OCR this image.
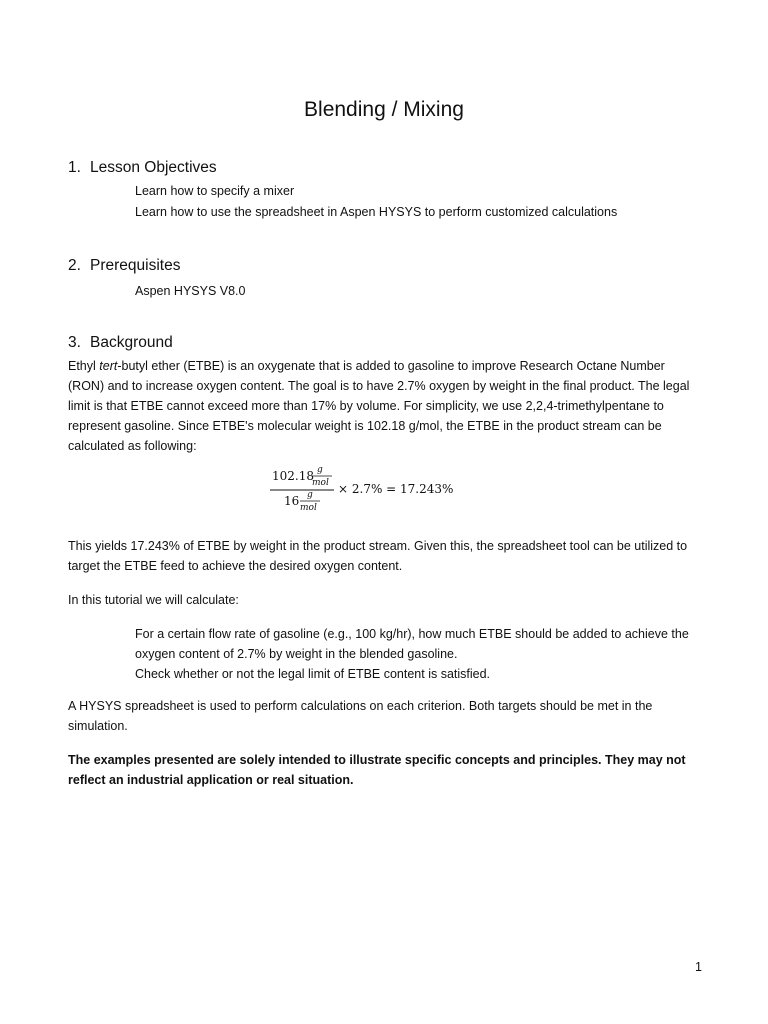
Blending / Mixing
1. Lesson Objectives
Learn how to specify a mixer
Learn how to use the spreadsheet in Aspen HYSYS to perform customized calculations
2. Prerequisites
Aspen HYSYS V8.0
3. Background
Ethyl tert-butyl ether (ETBE) is an oxygenate that is added to gasoline to improve Research Octane Number
(RON) and to increase oxygen content. The goal is to have 2.7% oxygen by weight in the final product. The legal
limit is that ETBE cannot exceed more than 17% by volume. For simplicity, we use 2,2,4-trimethylpentane to
represent gasoline. Since ETBE's molecular weight is 102.18 g/mol, the ETBE in the product stream can be
calculated as following:
102.18 g
mol
16 g
mol
× 2.7% = 17.243%
This yields 17.243% of ETBE by weight in the product stream. Given this, the spreadsheet tool can be utilized to
target the ETBE feed to achieve the desired oxygen content.
In this tutorial we will calculate:
For a certain flow rate of gasoline (e.g., 100 kg/hr), how much ETBE should be added to achieve the
oxygen content of 2.7% by weight in the blended gasoline.
Check whether or not the legal limit of ETBE content is satisfied.
A HYSYS spreadsheet is used to perform calculations on each criterion. Both targets should be met in the
simulation.
The examples presented are solely intended to illustrate specific concepts and principles. They may not
reflect an industrial application or real situation.
1
